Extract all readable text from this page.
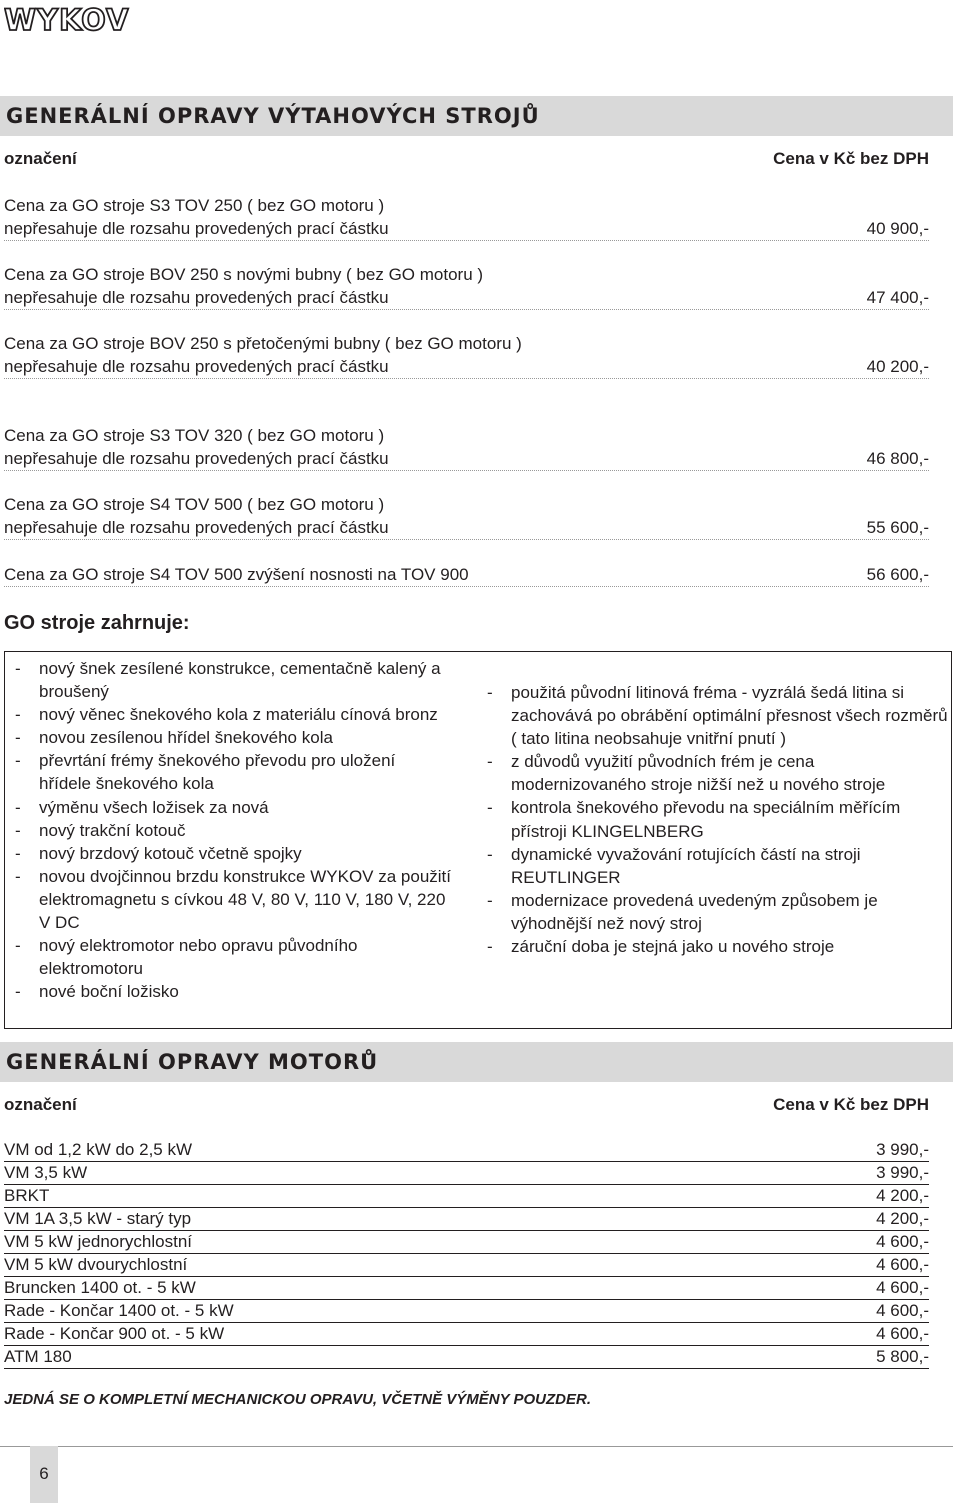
WYKOV
GENERÁLNÍ OPRAVY VÝTAHOVÝCH STROJŮ
označení	Cena v Kč bez DPH
Cena za GO stroje S3 TOV 250 ( bez GO motoru )
nepřesahuje dle rozsahu provedených prací částku	40 900,-
Cena za GO stroje BOV 250 s novými bubny ( bez GO motoru )
nepřesahuje dle rozsahu provedených prací částku	47 400,-
Cena za GO stroje BOV 250 s přetočenými bubny ( bez GO motoru )
nepřesahuje dle rozsahu provedených prací částku	40 200,-
Cena za GO stroje S3 TOV 320 ( bez GO motoru )
nepřesahuje dle rozsahu provedených prací částku	46 800,-
Cena za GO stroje S4 TOV 500 ( bez GO motoru )
nepřesahuje dle rozsahu provedených prací částku	55 600,-
Cena za GO stroje S4 TOV 500 zvýšení nosnosti na TOV 900	56 600,-
GO stroje zahrnuje:
- nový šnek zesílené konstrukce, cementačně kalený a broušený
- nový věnec šnekového kola z materiálu cínová bronz
- novou zesílenou hřídel šnekového kola
- převrtání frémy šnekového převodu pro uložení hřídele šnekového kola
- výměnu všech ložisek za nová
- nový trakční kotouč
- nový brzdový kotouč včetně spojky
- novou dvojčinnou brzdu konstrukce WYKOV za použití elektromagnetu s cívkou 48 V, 80 V, 110 V, 180 V, 220 V DC
- nový elektromotor nebo opravu původního elektromotoru
- nové boční ložisko
- použitá původní litinová fréma - vyzrálá šedá litina si zachovává po obrábění optimální přesnost všech rozměrů ( tato litina neobsahuje vnitřní pnutí )
- z důvodů využití původních frém je cena modernizovaného stroje nižší než u nového stroje
- kontrola šnekového převodu na speciálním měřícím přístroji KLINGELNBERG
- dynamické vyvažování rotujících částí na stroji REUTLINGER
- modernizace provedená uvedeným způsobem je výhodnější než nový stroj
- záruční doba je stejná jako u nového stroje
GENERÁLNÍ OPRAVY MOTORŮ
označení	Cena v Kč bez DPH
VM od 1,2 kW do 2,5 kW	3 990,-
VM 3,5 kW	3 990,-
BRKT	4 200,-
VM 1A 3,5 kW - starý typ	4 200,-
VM 5 kW jednorychlostní	4 600,-
VM 5 kW dvourychlostní	4 600,-
Bruncken 1400 ot. - 5 kW	4 600,-
Rade - Končar 1400 ot. - 5 kW	4 600,-
Rade - Končar 900 ot. - 5 kW	4 600,-
ATM 180	5 800,-
JEDNÁ SE O KOMPLETNÍ MECHANICKOU OPRAVU, VČETNĚ VÝMĚNY POUZDER.
6
